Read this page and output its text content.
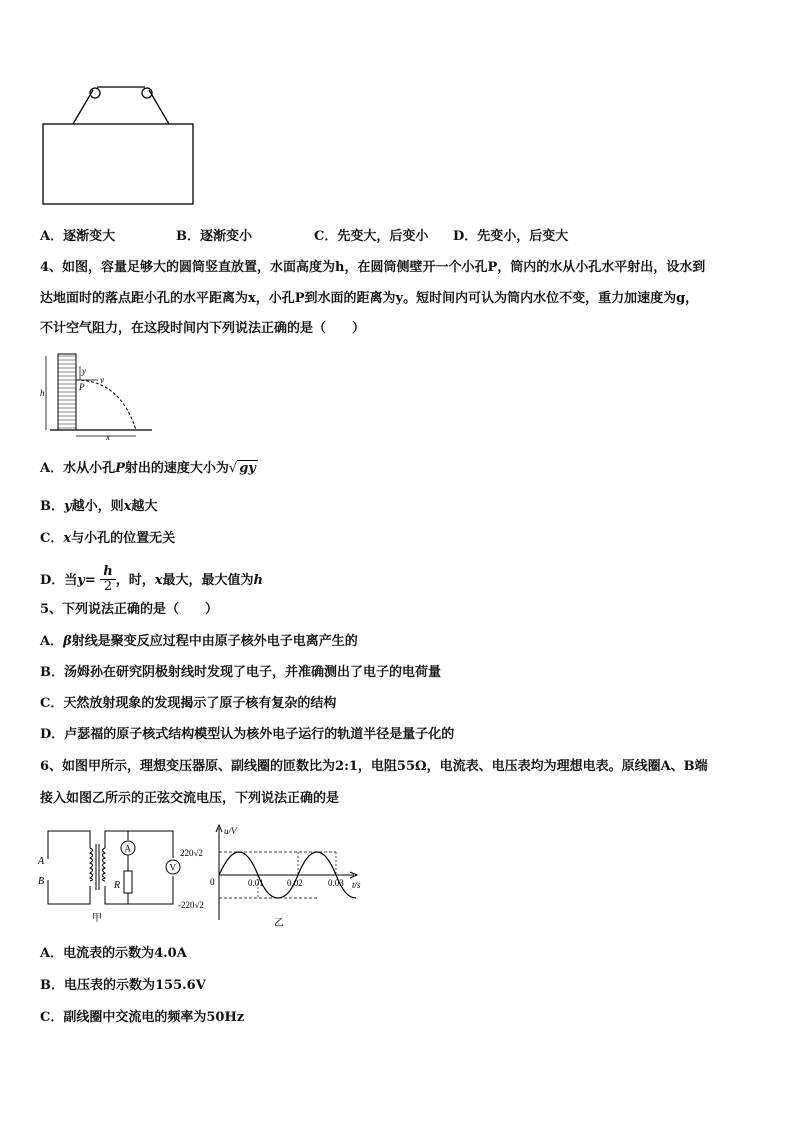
A．逐渐变大	B．逐渐变小	C．先变大，后变小 D．先变小，后变大
4、如图，容量足够大的圆筒竖直放置，水面高度为h，在圆筒侧壁开一个小孔P，筒内的水从小孔水平射出，设水到
达地面时的落点距小孔的水平距离为x，小孔P到水面的距离为y。短时间内可认为筒内水位不变，重力加速度为g，
不计空气阻力，在这段时间内下列说法正确的是（　　）
h
y
v
P
x
A．水从小孔P射出的速度大小为√ gy
B．y越小，则x越大
C．x与小孔的位置无关
D．当$y= \frac{h}{2}$ ，时，x最大，最大值为h
5、下列说法正确的是（　　）
A．β射线是聚变反应过程中由原子核外电子电离产生的
B．汤姆孙在研究阴极射线时发现了电子，并准确测出了电子的电荷量
C．天然放射现象的发现揭示了原子核有复杂的结构
D．卢瑟福的原子核式结构模型认为核外电子运行的轨道半径是量子化的
6、如图甲所示，理想变压器原、副线圈的匝数比为2:1，电阻55Ω，电流表、电压表均为理想电表。原线圈A、B端
接入如图乙所示的正弦交流电压，下列说法正确的是
A
B
A
R
V
甲
u/V
t/s
220√2
-220√2
0	0.01	0.02	0.03
乙
A．电流表的示数为4.0A
B．电压表的示数为155.6V
C．副线圈中交流电的频率为50Hz
